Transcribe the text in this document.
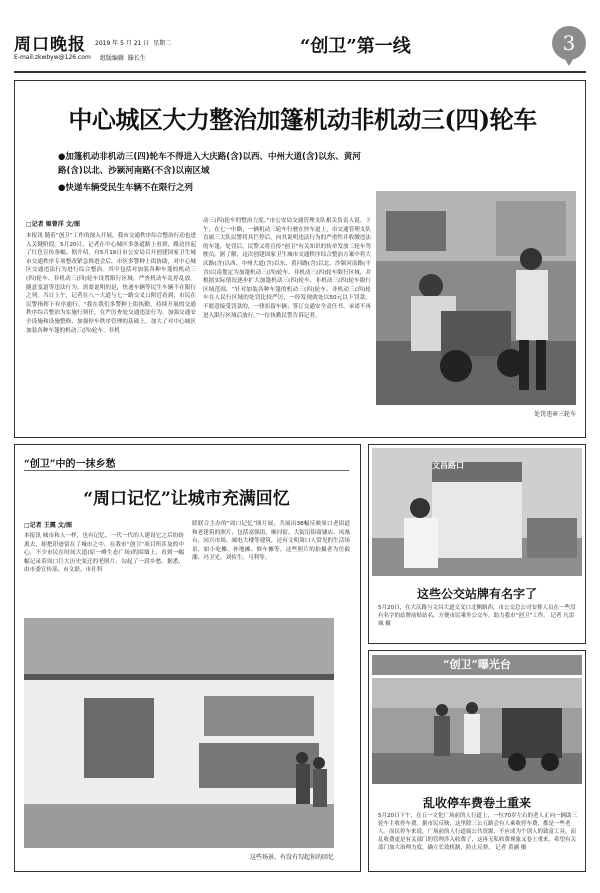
周口晚报 2019 年 5 月 21 日 星期二
E-mail:zkwbyw@126.com 组版编辑 滕长生
“创卫”第一线	3
中心城区大力整治加篷机动非机动三(四)轮车
●加篷机动非机动三(四)轮车不得进入大庆路(含)以西、中州大道(含)以东、黄河路(含)以北、沙颍河南路(不含)以南区域
●快递车辆受民生车辆不在限行之列
□记者 姬曾洋 文/图
本报讯 随着“创卫”工作的深入开展，我市交通秩序综合整治行动也进入关键阶段。5月20日，记者在中心城区多条道路上看到，路边挂起了红色宣传条幅。据介绍，自5月16日市公安局召开创建国家卫生城市交通秩序专项整改紧急推进会后，市区多警种上街协助，对中心城区交通违法行为进行综合整治。其中包括对加装各种车篷的机动三(四)轮车、非机动三(四)轮车设置限行区域，严查机动车乱停乱放。随意变道等违法行为。需要说明的是，快递车辆等民生车辆不在限行之列。当日上午，记者在八一大道与七一路交叉口附近看到，市民在民警指挥下有序通行。“我在我们多警种上街执勤，持续开展的交通秩序综合整治为实施行领任，在严厉查处交通违法行为、加强交通安全设施和设施整修、加强停车秩序管理的基础上，加大了对中心城区加装各种车篷的机动三(四)轮车、非机
动三(四)轮车的整治力度。”市公安局交通管理支队相关负责人说。下午，在七一中路，一辆机动三轮车行驶在快车道上，市交通管理支队直属三大队民警将其拦停后，向其说明违法行为的严重性并收缴违法的车篷，处罚后，民警又将宣传“创卫”有关知识的传单发放三轮车驾驶员。据了解，这次创建国家卫生城市交通秩序综合整治方案中将大庆路(含)以西、中州大道(含)以东、黄河路(含)以北、沙颍河南路(不含)以南划定为加篷机动三(四)轮车、非机动三(四)轮车限行区域，并根据实际情况逐步扩大加篷机动三(四)轮车、非机动三(四)轮车限行区域范围。“针对加装各种车篷的机动三(四)轮车、非机动三(四)轮车在人民行区域的处罚比较严厉，一经发现就处以50元以下罚款。不愿意接受罚款的，一律扣留车辆；签订交通安全责任书、承诺不再进入限行区域后放行。”一位执勤民警告诉记者。
处罚违章三轮车
“创卫”中的一抹乡愁
“周口记忆”让城市充满回忆
□记者 王震 文/图
本报讯 城市和人一样，也有记忆。一代一代的人建设它之后纷纷离去，却把印迹留在了城市之中。在我市“创卫”项目所涉及的中心，不少市民在时间大道(原一峰生态广场)的围墙上，看到一幅幅记录着周口巨大历史变迁的老照片，勾起了一段乡愁。据悉，由市委宣传部、市文联、市社科
联联合主办的“周口记忆”图片展，共展出38幅反映周口老街道和老建筑的照片，包括富强街、顺河街、大街沿街商铺店、凤凰台、同兴市场、邮电大楼等建筑，还有文明周口人常见的生活场景，如小吃摊、补地摊、修车摊等。这些照片的拍摄者为岳毅潮、冯卫光、刘传生、马利等。
这些场景，有没有勾起你的回忆
文昌路口
这些公交站牌有名字了
5月20日，在大庆路与文昌大道交叉口北侧路西，市公交总公司安排人员在一些没有名字的站牌前贴站名，方便市民乘坐公交车，助力我市“创卫”工作。 记者 凡雷城 摄
“创卫”曝光台
乱收停车费卷土重来
5月20日下午，在五一文化广场前的人行道上，一位70岁左右的老人正向一辆助三轮车主收停车费。据市民反映，这里除三公五路会有人乘收停车费，都是一些老人。而民停车来说，广场前的人行道属公共资源，不应成为个别人的致富工具，而乱收费更是有关部门的管理涉入收费了，这再无私收费现象又卷土重来。希望有关部门加大治理力度，确立长效机制，防止反弹。 记者 黄涵 摄
